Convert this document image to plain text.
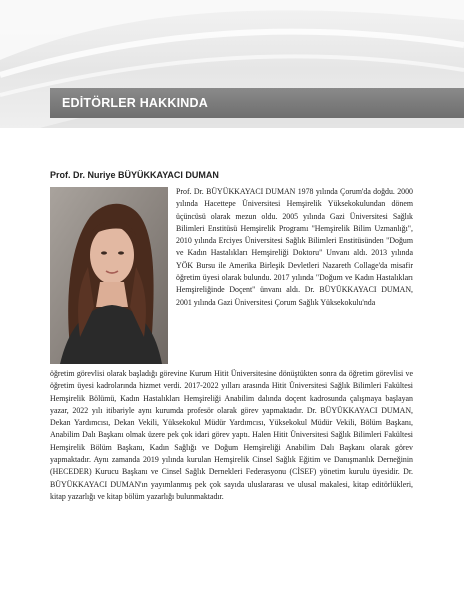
EDİTÖRLER HAKKINDA
Prof. Dr. Nuriye BÜYÜKKAYACI DUMAN

Prof. Dr. BÜYÜKKAYACI DUMAN 1978 yılında Çorum'da doğdu. 2000 yılında Hacettepe Üniversitesi Hemşirelik Yüksekokulundan dönem üçüncüsü olarak mezun oldu. 2005 yılında Gazi Üniversitesi Sağlık Bilimleri Enstitüsü Hemşirelik Programı "Hemşirelik Bilim Uzmanlığı", 2010 yılında Erciyes Üniversitesi Sağlık Bilimleri Enstitüsünden "Doğum ve Kadın Hastalıkları Hemşireliği Doktoru" Unvanı aldı. 2013 yılında YÖK Bursu ile Amerika Birleşik Devletleri Nazareth Collage'da misafir öğretim üyesi olarak bulundu. 2017 yılında "Doğum ve Kadın Hastalıkları Hemşireliğinde Doçent" ünvanı aldı. Dr. BÜYÜKKAYACI DUMAN, 2001 yılında Gazi Üniversitesi Çorum Sağlık Yüksekokulu'nda

öğretim görevlisi olarak başladığı görevine Kurum Hitit Üniversitesine dönüştükten sonra da öğretim görevlisi ve öğretim üyesi kadrolarında hizmet verdi. 2017-2022 yılları arasında Hitit Üniversitesi Sağlık Bilimleri Fakültesi Hemşirelik Bölümü, Kadın Hastalıkları Hemşireliği Anabilim dalında doçent kadrosunda çalışmaya başlayan yazar, 2022 yılı itibariyle aynı kurumda profesör olarak görev yapmaktadır. Dr. BÜYÜKKAYACI DUMAN, Dekan Yardımcısı, Dekan Vekili, Yüksekokul Müdür Yardımcısı, Yüksekokul Müdür Vekili, Bölüm Başkanı, Anabilim Dalı Başkanı olmak üzere pek çok idari görev yaptı. Halen Hitit Üniversitesi Sağlık Bilimleri Fakültesi Hemşirelik Bölüm Başkanı, Kadın Sağlığı ve Doğum Hemşireliği Anabilim Dalı Başkanı olarak görev yapmaktadır. Aynı zamanda 2019 yılında kurulan Hemşirelik Cinsel Sağlık Eğitim ve Danışmanlık Derneğinin (HECEDER) Kurucu Başkanı ve Cinsel Sağlık Dernekleri Federasyonu (CİSEF) yönetim kurulu üyesidir. Dr. BÜYÜKKAYACI DUMAN'ın yayımlanmış pek çok sayıda uluslararası ve ulusal makalesi, kitap editörlükleri, kitap yazarlığı ve kitap bölüm yazarlığı bulunmaktadır.
